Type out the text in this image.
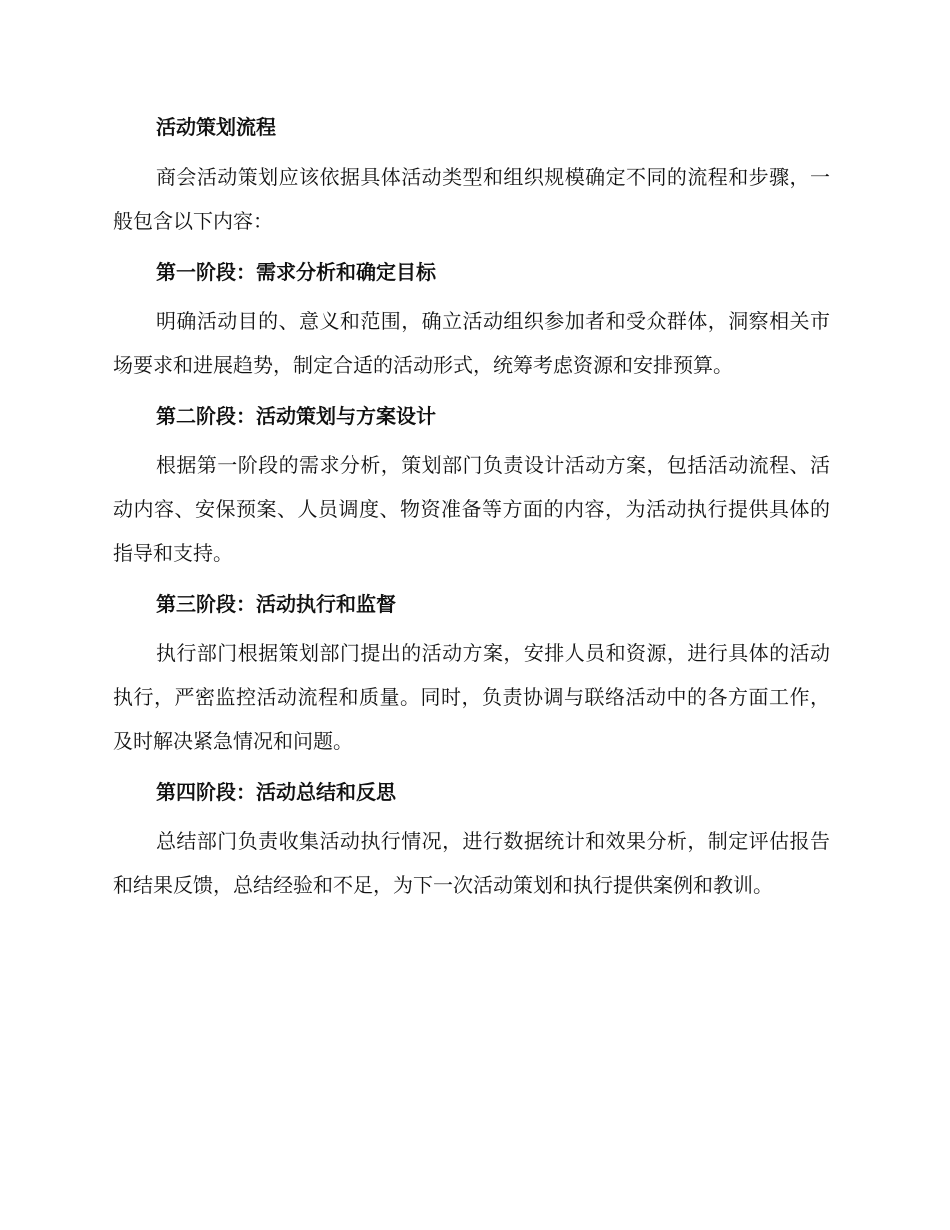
活动策划流程

商会活动策划应该依据具体活动类型和组织规模确定不同的流程和步骤，一般包含以下内容：

第一阶段：需求分析和确定目标

明确活动目的、意义和范围，确立活动组织参加者和受众群体，洞察相关市场要求和进展趋势，制定合适的活动形式，统筹考虑资源和安排预算。

第二阶段：活动策划与方案设计

根据第一阶段的需求分析，策划部门负责设计活动方案，包括活动流程、活动内容、安保预案、人员调度、物资准备等方面的内容，为活动执行提供具体的指导和支持。

第三阶段：活动执行和监督

执行部门根据策划部门提出的活动方案，安排人员和资源，进行具体的活动执行，严密监控活动流程和质量。同时，负责协调与联络活动中的各方面工作，及时解决紧急情况和问题。

第四阶段：活动总结和反思

总结部门负责收集活动执行情况，进行数据统计和效果分析，制定评估报告和结果反馈，总结经验和不足，为下一次活动策划和执行提供案例和教训。
